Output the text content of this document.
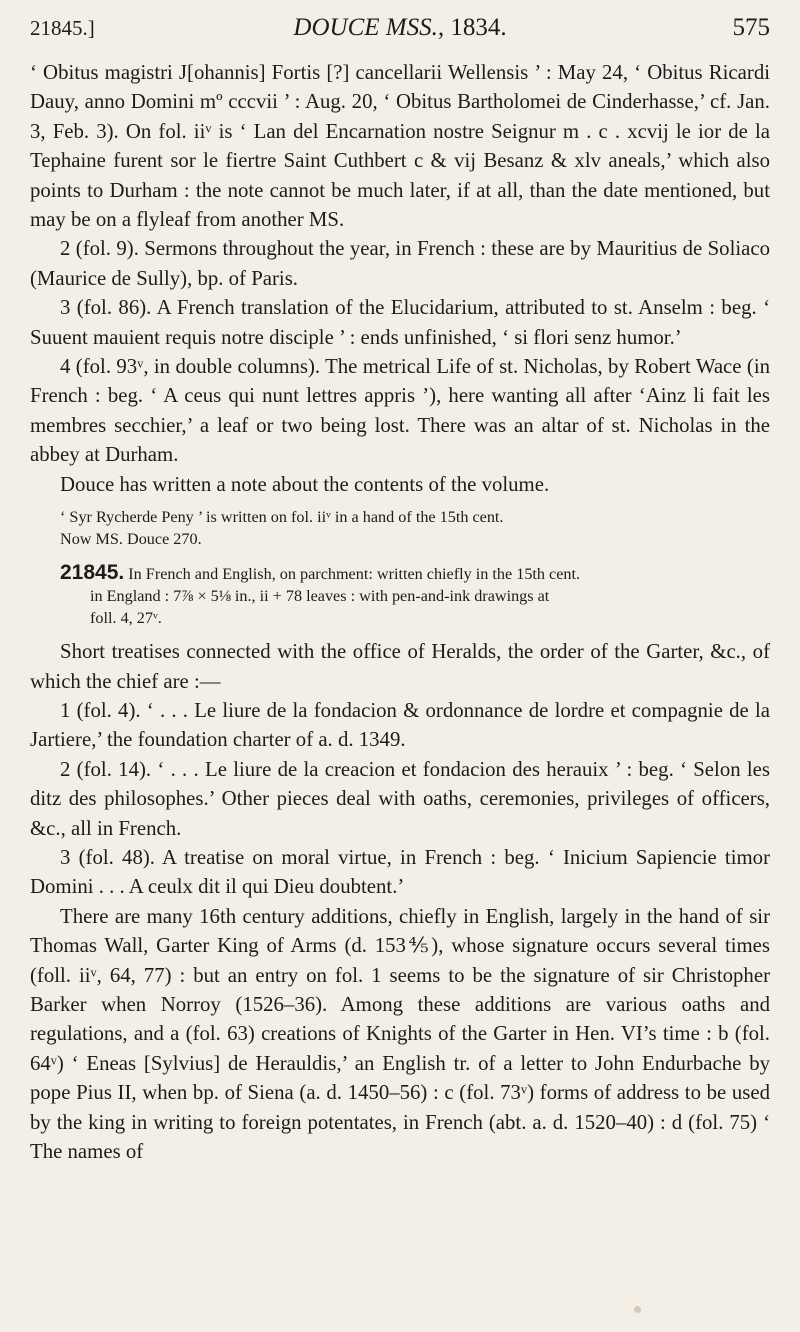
21845.]	DOUCE MSS., 1834.	575

‘ Obitus magistri J[ohannis] Fortis [?] cancellarii Wellensis ’ : May 24, ‘ Obitus Ricardi Dauy, anno Domini mº cccvii ’ : Aug. 20, ‘ Obitus Bartholomei de Cinderhasse,’ cf. Jan. 3, Feb. 3). On fol. iiᵛ is ‘ Lan del Encarnation nostre Seignur m . c . xcvij le ior de la Tephaine furent sor le fiertre Saint Cuthbert c & vij Besanz & xlv aneals,’ which also points to Durham : the note cannot be much later, if at all, than the date mentioned, but may be on a flyleaf from another MS.

2 (fol. 9). Sermons throughout the year, in French : these are by Mauritius de Soliaco (Maurice de Sully), bp. of Paris.

3 (fol. 86). A French translation of the Elucidarium, attributed to st. Anselm : beg. ‘ Suuent mauient requis notre disciple ’ : ends unfinished, ‘ si flori senz humor.’

4 (fol. 93ᵛ, in double columns). The metrical Life of st. Nicholas, by Robert Wace (in French : beg. ‘ A ceus qui nunt lettres appris ’), here wanting all after ‘Ainz li fait les membres secchier,’ a leaf or two being lost. There was an altar of st. Nicholas in the abbey at Durham.

Douce has written a note about the contents of the volume.

‘ Syr Rycherde Peny ’ is written on fol. iiᵛ in a hand of the 15th cent.

Now MS. Douce 270.

21845. In French and English, on parchment: written chiefly in the 15th cent.
in England : 7⅞ × 5⅛ in., ii + 78 leaves : with pen-and-ink drawings at
foll. 4, 27ᵛ.

Short treatises connected with the office of Heralds, the order of the Garter, &c., of which the chief are :—

1 (fol. 4). ‘ . . . Le liure de la fondacion & ordonnance de lordre et compagnie de la Jartiere,’ the foundation charter of a. d. 1349.

2 (fol. 14). ‘ . . . Le liure de la creacion et fondacion des herauix ’ : beg. ‘ Selon les ditz des philosophes.’ Other pieces deal with oaths, ceremonies, privileges of officers, &c., all in French.

3 (fol. 48). A treatise on moral virtue, in French : beg. ‘ Inicium Sapiencie timor Domini . . . A ceulx dit il qui Dieu doubtent.’

There are many 16th century additions, chiefly in English, largely in the hand of sir Thomas Wall, Garter King of Arms (d. 153⅘), whose signature occurs several times (foll. iiᵛ, 64, 77) : but an entry on fol. 1 seems to be the signature of sir Christopher Barker when Norroy (1526–36). Among these additions are various oaths and regulations, and a (fol. 63) creations of Knights of the Garter in Hen. VI’s time : b (fol. 64ᵛ) ‘ Eneas [Sylvius] de Herauldis,’ an English tr. of a letter to John Endurbache by pope Pius II, when bp. of Siena (a. d. 1450–56) : c (fol. 73ᵛ) forms of address to be used by the king in writing to foreign potentates, in French (abt. a. d. 1520–40) : d (fol. 75) ‘ The names of
